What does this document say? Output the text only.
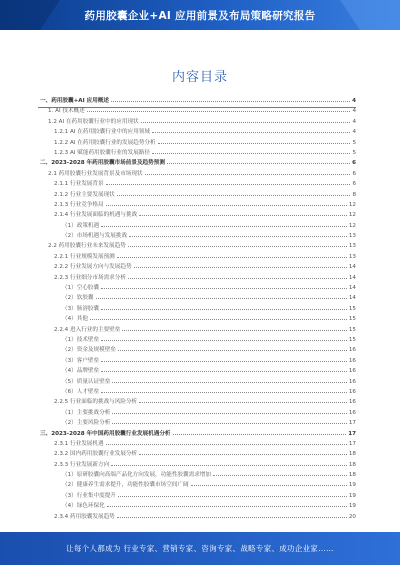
药用胶囊企业+AI 应用前景及布局策略研究报告
内容目录
一、药用胶囊+AI 应用概述	4
1. AI 技术概述	4
1.2 AI 在药用胶囊行业中的应用现状	4
1.2.1 AI 在药用胶囊行业中的应用领域	4
1.2.2 AI 在药用胶囊行业的发展趋势分析	5
1.2.3 AI 赋能药用胶囊行业的发展路径	5
二、2023-2028 年药用胶囊市场前景及趋势预测	6
2.1 药用胶囊行业发展背景及市场现状	6
2.1.1 行业发展背景	6
2.1.2 行业主要发展现状	8
2.1.3 行业竞争格局	12
2.1.4 行业发展面临的机遇与挑战	12
（1）政策机遇	12
（2）市场机遇与发展挑战	13
2.2 药用胶囊行业未来发展趋势	13
2.2.1 行业规模发展预测	13
2.2.2 行业发展方向与发展趋势	14
2.2.3 行业细分市场需求分析	14
（1）空心胶囊	14
（2）软胶囊	14
（3）肠溶胶囊	15
（4）其他	15
2.2.4 进入行业的主要壁垒	15
（1）技术壁垒	15
（2）资金及规模壁垒	16
（3）客户壁垒	16
（4）品牌壁垒	16
（5）质量认证壁垒	16
（6）人才壁垒	16
2.2.5 行业面临的挑战与风险分析	16
（1）主要挑战分析	16
（2）主要风险分析	17
三、2023-2028 年中国药用胶囊行业发展机遇分析	17
2.3.1 行业发展机遇	17
2.3.2 国内药用胶囊行业发展分析	18
2.3.3 行业发展新方向	18
（1）原研胶囊向高端产品化方向发展，功能性胶囊需求增加	18
（2）健康养生需求提升，功能性胶囊市场空间广阔	19
（3）行业集中度提升	19
（4）绿色环保化	19
2.3.4 药用胶囊发展趋势	20
让每个人都成为 行业专家、营销专家、咨询专家、战略专家、成功企业家……
